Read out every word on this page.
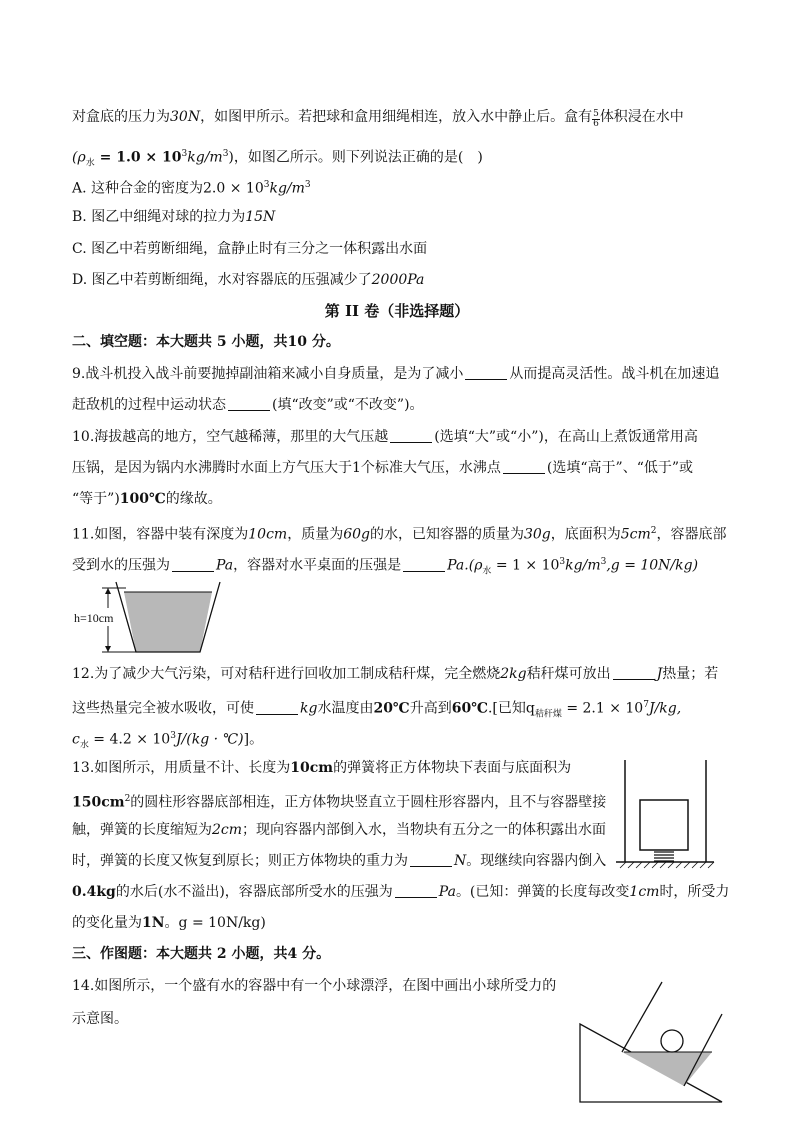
对盒底的压力为30N，如图甲所示。若把球和盒用细绳相连，放入水中静止后。盒有 $\frac{5}{6}$ 体积浸在水中
$(\rho_水 = 1.0 \times 10^3kg/m^3)$，如图乙所示。则下列说法正确的是(　)
A. 这种合金的密度为$2.0 \times 10^3kg/m^3$
B. 图乙中细绳对球的拉力为15N
C. 图乙中若剪断细绳，盒静止时有三分之一体积露出水面
D. 图乙中若剪断细绳，水对容器底的压强减少了2000Pa
第 II 卷（非选择题）
二、填空题：本大题共 5 小题，共10 分。
9.战斗机投入战斗前要抛掉副油箱来减小自身质量，是为了减小	从而提高灵活性。战斗机在加速追
赶敌机的过程中运动状态	(填“改变”或“不改变”)。
10.海拔越高的地方，空气越稀薄，那里的大气压越	(选填“大”或“小”)，在高山上煮饭通常用高
压锅，是因为锅内水沸腾时水面上方气压大于1个标准大气压，水沸点	(选填“高于”、“低于”或
“等于”)100℃的缘故。
11.如图，容器中装有深度为10cm，质量为60g的水，已知容器的质量为30g，底面积为$5cm^2$，容器底部
受到水的压强为	Pa，容器对水平桌面的压强是	$Pa.(\rho_水 = 1 \times 10^3kg/m^3,g = 10N/kg)$
h=10cm
12.为了减少大气污染，可对秸秆进行回收加工制成秸秆煤，完全燃烧2kg秸秆煤可放出	J热量；若
这些热量完全被水吸收，可使	kg水温度由20℃升高到60℃.[已知$q_{秸秆煤} = 2.1 \times 10^7J/kg$,
$c_水 = 4.2 \times 10^3J/(kg$ · ℃)]。
13.如图所示，用质量不计、长度为10cm的弹簧将正方体物块下表面与底面积为
$150cm^2$的圆柱形容器底部相连，正方体物块竖直立于圆柱形容器内，且不与容器壁接
触，弹簧的长度缩短为2cm；现向容器内部倒入水，当物块有五分之一的体积露出水面
时，弹簧的长度又恢复到原长；则正方体物块的重力为	N。现继续向容器内倒入
0.4kg的水后(水不溢出)，容器底部所受水的压强为	Pa。(已知：弹簧的长度每改变1cm时，所受力
的变化量为1N。g = 10N/kg)
三、作图题：本大题共 2 小题，共4 分。
14.如图所示，一个盛有水的容器中有一个小球漂浮，在图中画出小球所受力的
示意图。
